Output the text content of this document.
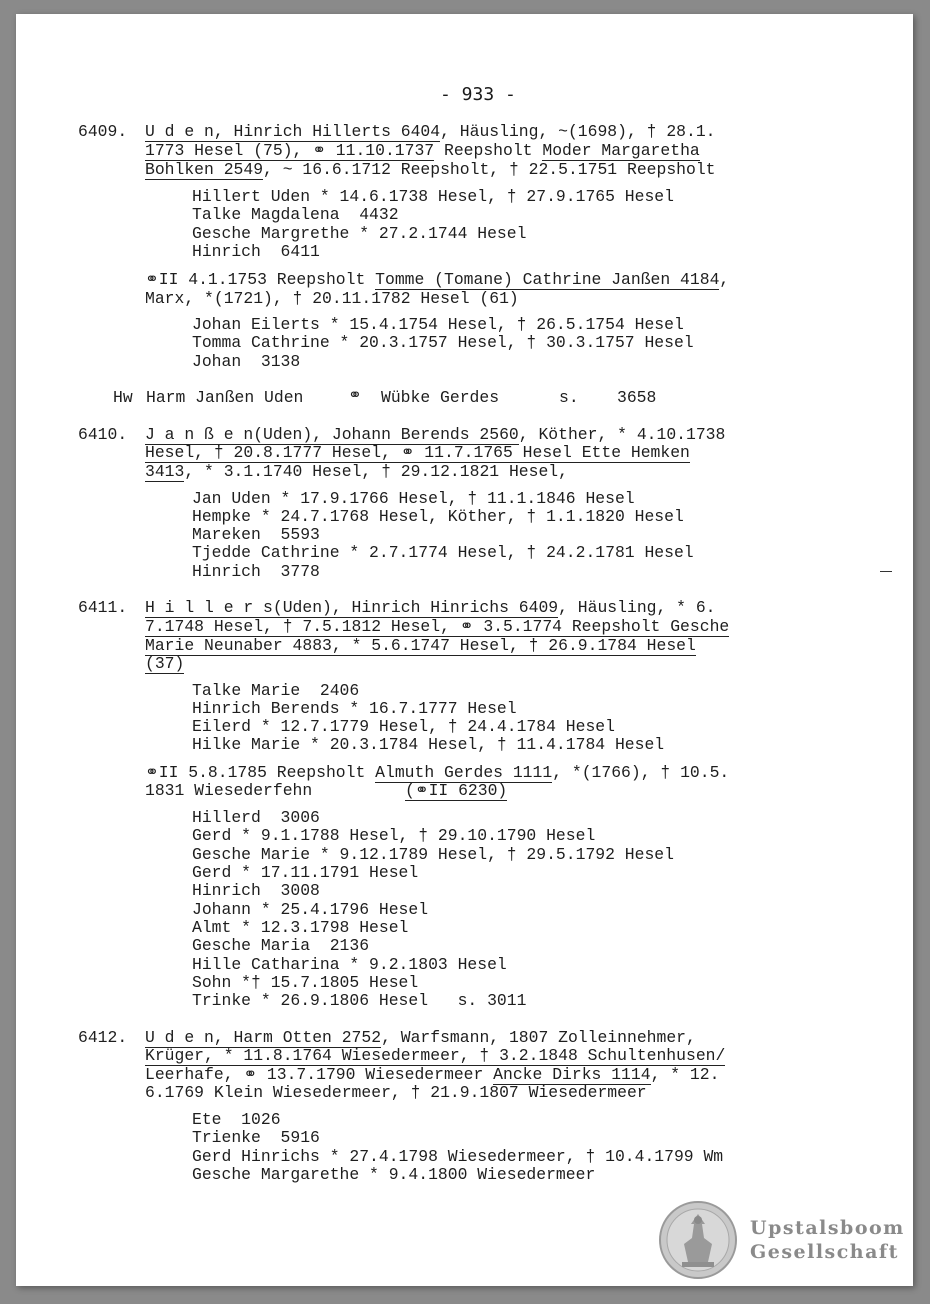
- 933 -
6409. U d e n, Hinrich Hillerts 6404, Häusling, ~(1698), † 28.1.
1773 Hesel (75), ⚭ 11.10.1737 Reepsholt Moder Margaretha
Bohlken 2549, ~ 16.6.1712 Reepsholt, † 22.5.1751 Reepsholt
Hillert Uden * 14.6.1738 Hesel, † 27.9.1765 Hesel
Talke Magdalena  4432
Gesche Margrethe * 27.2.1744 Hesel
Hinrich  6411
⚭II 4.1.1753 Reepsholt Tomme (Tomane) Cathrine Janßen 4184,
Marx, *(1721), † 20.11.1782 Hesel (61)
Johan Eilerts * 15.4.1754 Hesel, † 26.5.1754 Hesel
Tomma Cathrine * 20.3.1757 Hesel, † 30.3.1757 Hesel
Johan  3138
Hw Harm Janßen Uden	⚭ Wübke Gerdes	s. 3658
6410. J a n ß e n(Uden), Johann Berends 2560, Köther, * 4.10.1738
Hesel, † 20.8.1777 Hesel, ⚭ 11.7.1765 Hesel Ette Hemken
3413, * 3.1.1740 Hesel, † 29.12.1821 Hesel,
Jan Uden * 17.9.1766 Hesel, † 11.1.1846 Hesel
Hempke * 24.7.1768 Hesel, Köther, † 1.1.1820 Hesel
Mareken  5593
Tjedde Cathrine * 2.7.1774 Hesel, † 24.2.1781 Hesel
Hinrich  3778
6411. H i l l e r s(Uden), Hinrich Hinrichs 6409, Häusling, * 6.
7.1748 Hesel, † 7.5.1812 Hesel, ⚭ 3.5.1774 Reepsholt Gesche
Marie Neunaber 4883, * 5.6.1747 Hesel, † 26.9.1784 Hesel
(37)
Talke Marie  2406
Hinrich Berends * 16.7.1777 Hesel
Eilerd * 12.7.1779 Hesel, † 24.4.1784 Hesel
Hilke Marie * 20.3.1784 Hesel, † 11.4.1784 Hesel
⚭II 5.8.1785 Reepsholt Almuth Gerdes 1111, *(1766), † 10.5.
1831 Wiesederfehn	(⚭II 6230)
Hillerd  3006
Gerd * 9.1.1788 Hesel, † 29.10.1790 Hesel
Gesche Marie * 9.12.1789 Hesel, † 29.5.1792 Hesel
Gerd * 17.11.1791 Hesel
Hinrich  3008
Johann * 25.4.1796 Hesel
Almt * 12.3.1798 Hesel
Gesche Maria  2136
Hille Catharina * 9.2.1803 Hesel
Sohn *† 15.7.1805 Hesel
Trinke * 26.9.1806 Hesel   s. 3011
6412. U d e n, Harm Otten 2752, Warfsmann, 1807 Zolleinnehmer,
Krüger, * 11.8.1764 Wiesedermeer, † 3.2.1848 Schultenhusen/
Leerhafe, ⚭ 13.7.1790 Wiesedermeer Ancke Dirks 1114, * 12.
6.1769 Klein Wiesedermeer, † 21.9.1807 Wiesedermeer
Ete  1026
Trienke  5916
Gerd Hinrichs * 27.4.1798 Wiesedermeer, † 10.4.1799 Wm
Gesche Margarethe * 9.4.1800 Wiesedermeer
Upstalsboom
Gesellschaft
